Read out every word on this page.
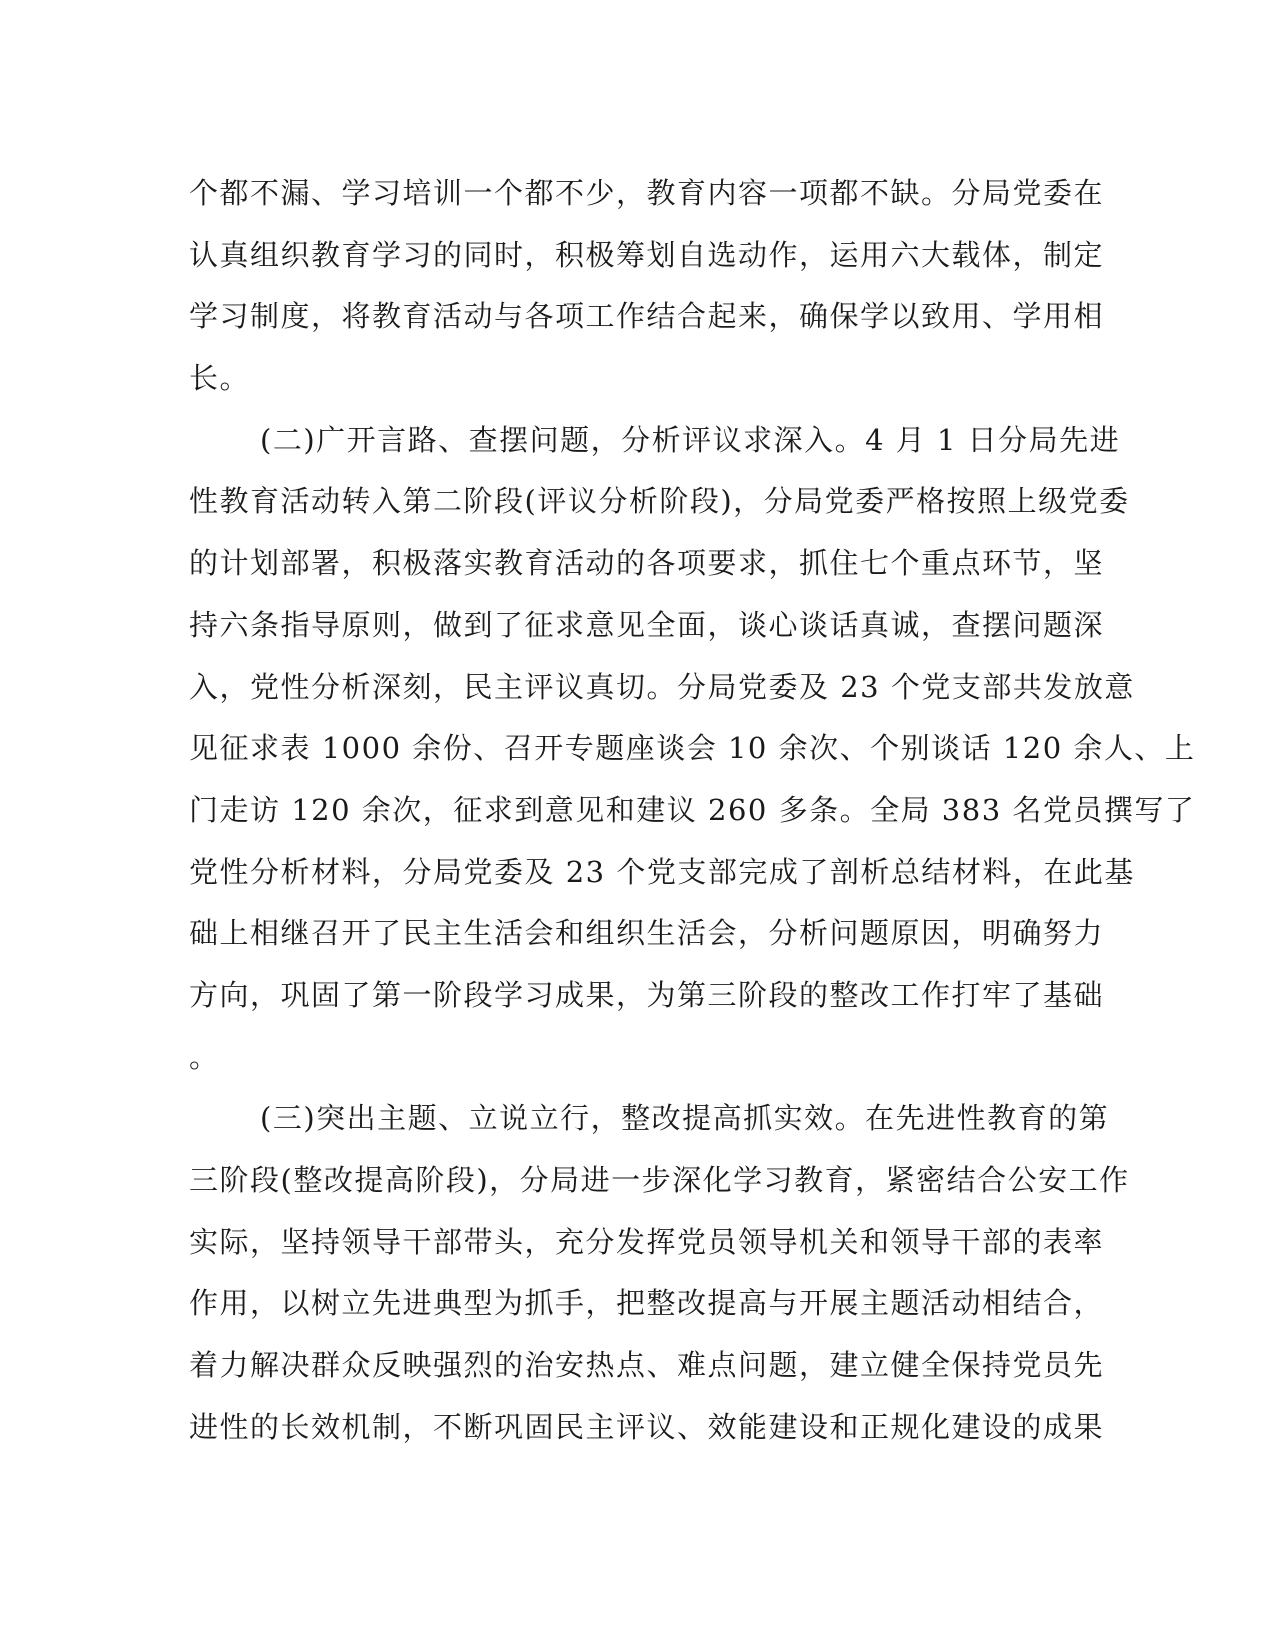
个都不漏、学习培训一个都不少，教育内容一项都不缺。分局党委在
认真组织教育学习的同时，积极筹划自选动作，运用六大载体，制定
学习制度，将教育活动与各项工作结合起来，确保学以致用、学用相
长。
(二)广开言路、查摆问题，分析评议求深入。4 月 1 日分局先进
性教育活动转入第二阶段(评议分析阶段)，分局党委严格按照上级党委
的计划部署，积极落实教育活动的各项要求，抓住七个重点环节，坚
持六条指导原则，做到了征求意见全面，谈心谈话真诚，查摆问题深
入，党性分析深刻，民主评议真切。分局党委及 23 个党支部共发放意
见征求表 1000 余份、召开专题座谈会 10 余次、个别谈话 120 余人、上
门走访 120 余次，征求到意见和建议 260 多条。全局 383 名党员撰写了
党性分析材料，分局党委及 23 个党支部完成了剖析总结材料，在此基
础上相继召开了民主生活会和组织生活会，分析问题原因，明确努力
方向，巩固了第一阶段学习成果，为第三阶段的整改工作打牢了基础
。
(三)突出主题、立说立行，整改提高抓实效。在先进性教育的第
三阶段(整改提高阶段)，分局进一步深化学习教育，紧密结合公安工作
实际，坚持领导干部带头，充分发挥党员领导机关和领导干部的表率
作用，以树立先进典型为抓手，把整改提高与开展主题活动相结合，
着力解决群众反映强烈的治安热点、难点问题，建立健全保持党员先
进性的长效机制，不断巩固民主评议、效能建设和正规化建设的成果
